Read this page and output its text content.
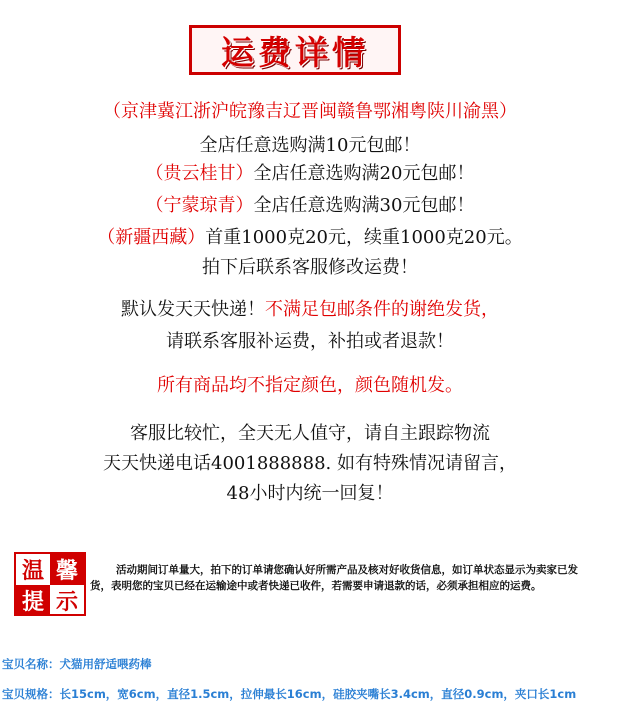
运费详情
（京津冀江浙沪皖豫吉辽晋闽赣鲁鄂湘粤陕川渝黑）
全店任意选购满10元包邮！
（贵云桂甘）全店任意选购满20元包邮！
（宁蒙琼青）全店任意选购满30元包邮！
（新疆西藏）首重1000克20元，续重1000克20元。
拍下后联系客服修改运费！
默认发天天快递！不满足包邮条件的谢绝发货，
请联系客服补运费，补拍或者退款！
所有商品均不指定颜色，颜色随机发。
客服比较忙，全天无人值守，请自主跟踪物流
天天快递电话4001888888. 如有特殊情况请留言，
48小时内统一回复！
温 馨
提 示
活动期间订单量大，拍下的订单请您确认好所需产品及核对好收货信息，如订单状态显示为卖家已发货，表明您的宝贝已经在运输途中或者快递已收件，若需要申请退款的话，必须承担相应的运费。
宝贝名称：犬猫用舒适喂药棒
宝贝规格：长15cm，宽6cm，直径1.5cm，拉伸最长16cm，硅胶夹嘴长3.4cm，直径0.9cm，夹口长1cm
